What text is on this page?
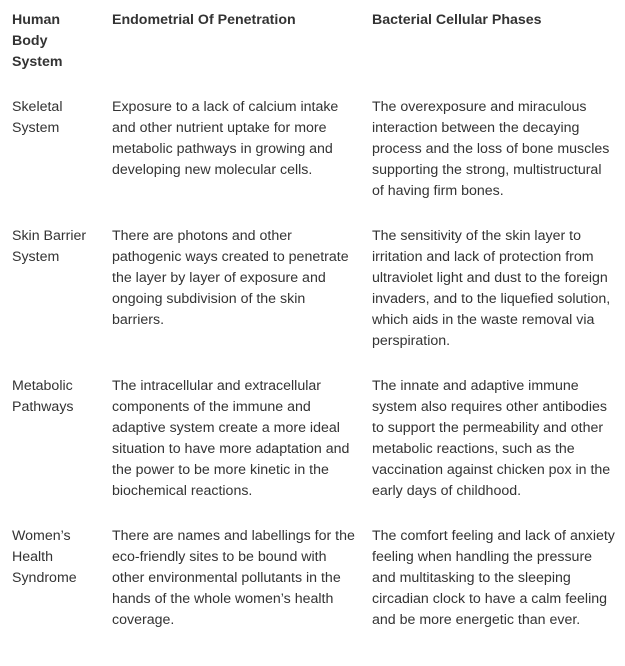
Human
Body
System
Endometrial Of Penetration	Bacterial Cellular Phases
Skeletal
System
Exposure to a lack of calcium intake and other nutrient uptake for more metabolic pathways in growing and developing new molecular cells.
The overexposure and miraculous interaction between the decaying process and the loss of bone muscles supporting the strong, multistructural of having firm bones.
Skin Barrier
System
There are photons and other pathogenic ways created to penetrate the layer by layer of exposure and ongoing subdivision of the skin barriers.
The sensitivity of the skin layer to irritation and lack of protection from ultraviolet light and dust to the foreign invaders, and to the liquefied solution, which aids in the waste removal via perspiration.
Metabolic
Pathways
The intracellular and extracellular components of the immune and adaptive system create a more ideal situation to have more adaptation and the power to be more kinetic in the biochemical reactions.
The innate and adaptive immune system also requires other antibodies to support the permeability and other metabolic reactions, such as the vaccination against chicken pox in the early days of childhood.
Women’s
Health
Syndrome
There are names and labellings for the eco-friendly sites to be bound with other environmental pollutants in the hands of the whole women’s health coverage.
The comfort feeling and lack of anxiety feeling when handling the pressure and multitasking to the sleeping circadian clock to have a calm feeling and be more energetic than ever.
